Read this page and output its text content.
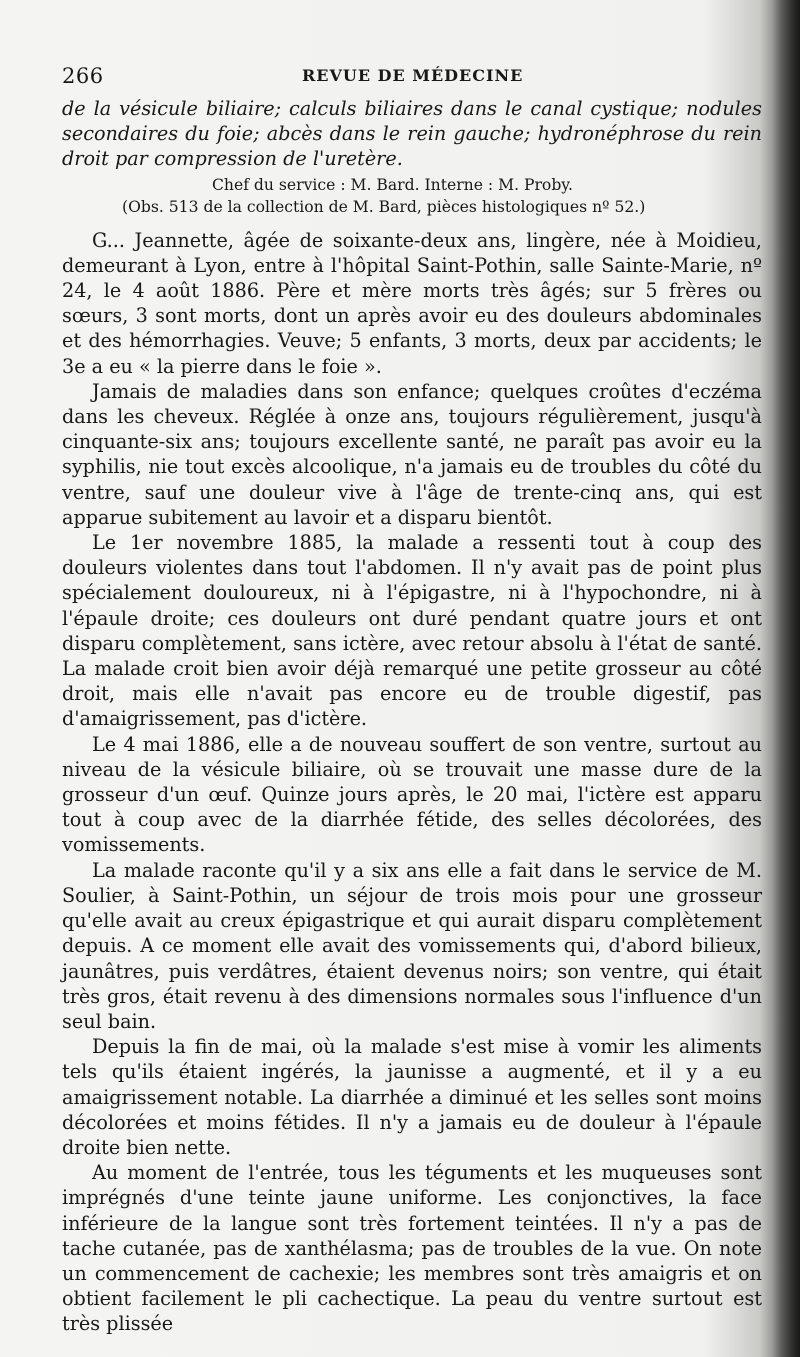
266	REVUE DE MÉDECINE

de la vésicule biliaire; calculs biliaires dans le canal cystique; nodules secondaires du foie; abcès dans le rein gauche; hydronéphrose du rein droit par compression de l'uretère.

Chef du service : M. Bard. Interne : M. Proby.

(Obs. 513 de la collection de M. Bard, pièces histologiques nº 52.)

G... Jeannette, âgée de soixante-deux ans, lingère, née à Moidieu, demeurant à Lyon, entre à l'hôpital Saint-Pothin, salle Sainte-Marie, nº 24, le 4 août 1886. Père et mère morts très âgés; sur 5 frères ou sœurs, 3 sont morts, dont un après avoir eu des douleurs abdominales et des hémorrhagies. Veuve; 5 enfants, 3 morts, deux par accidents; le 3e a eu « la pierre dans le foie ».

Jamais de maladies dans son enfance; quelques croûtes d'eczéma dans les cheveux. Réglée à onze ans, toujours régulièrement, jusqu'à cinquante-six ans; toujours excellente santé, ne paraît pas avoir eu la syphilis, nie tout excès alcoolique, n'a jamais eu de troubles du côté du ventre, sauf une douleur vive à l'âge de trente-cinq ans, qui est apparue subitement au lavoir et a disparu bientôt.

Le 1er novembre 1885, la malade a ressenti tout à coup des douleurs violentes dans tout l'abdomen. Il n'y avait pas de point plus spécialement douloureux, ni à l'épigastre, ni à l'hypochondre, ni à l'épaule droite; ces douleurs ont duré pendant quatre jours et ont disparu complètement, sans ictère, avec retour absolu à l'état de santé. La malade croit bien avoir déjà remarqué une petite grosseur au côté droit, mais elle n'avait pas encore eu de trouble digestif, pas d'amaigrissement, pas d'ictère.

Le 4 mai 1886, elle a de nouveau souffert de son ventre, surtout au niveau de la vésicule biliaire, où se trouvait une masse dure de la grosseur d'un œuf. Quinze jours après, le 20 mai, l'ictère est apparu tout à coup avec de la diarrhée fétide, des selles décolorées, des vomissements.

La malade raconte qu'il y a six ans elle a fait dans le service de M. Soulier, à Saint-Pothin, un séjour de trois mois pour une grosseur qu'elle avait au creux épigastrique et qui aurait disparu complètement depuis. A ce moment elle avait des vomissements qui, d'abord bilieux, jaunâtres, puis verdâtres, étaient devenus noirs; son ventre, qui était très gros, était revenu à des dimensions normales sous l'influence d'un seul bain.

Depuis la fin de mai, où la malade s'est mise à vomir les aliments tels qu'ils étaient ingérés, la jaunisse a augmenté, et il y a eu amaigrissement notable. La diarrhée a diminué et les selles sont moins décolorées et moins fétides. Il n'y a jamais eu de douleur à l'épaule droite bien nette.

Au moment de l'entrée, tous les téguments et les muqueuses sont imprégnés d'une teinte jaune uniforme. Les conjonctives, la face inférieure de la langue sont très fortement teintées. Il n'y a pas de tache cutanée, pas de xanthélasma; pas de troubles de la vue. On note un commencement de cachexie; les membres sont très amaigris et on obtient facilement le pli cachectique. La peau du ventre surtout est très plissée
